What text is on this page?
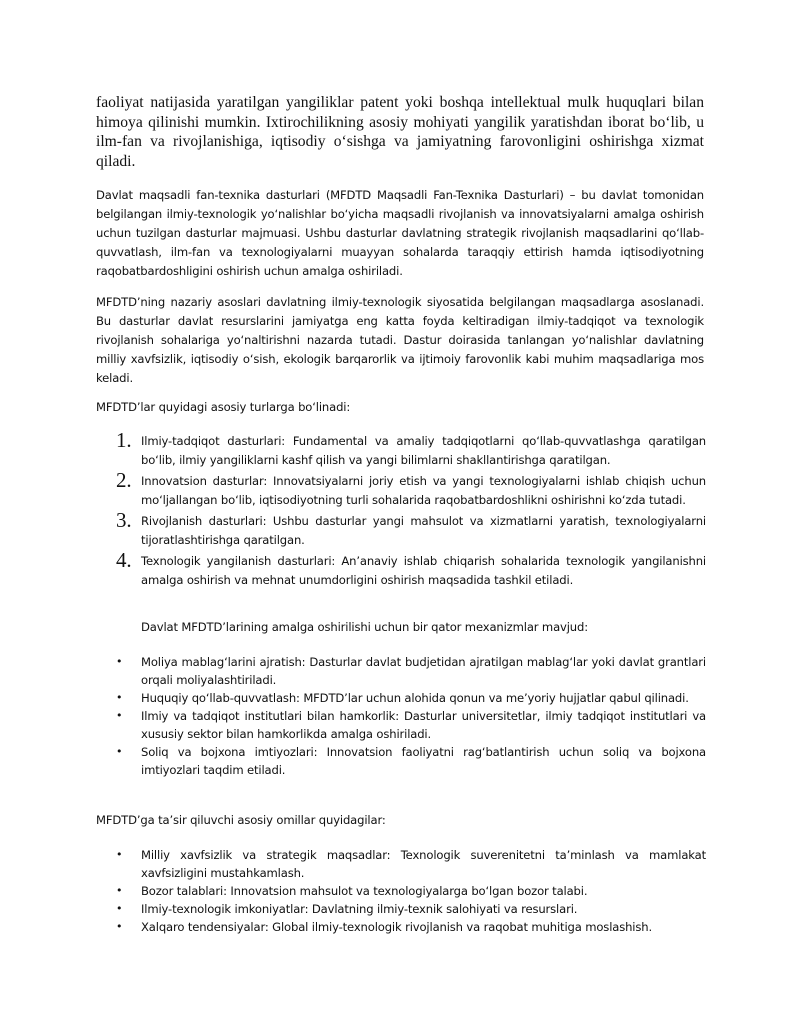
faoliyat natijasida yaratilgan yangiliklar patent yoki boshqa intellektual mulk huquqlari bilan himoya qilinishi mumkin. Ixtirochilikning asosiy mohiyati yangilik yaratishdan iborat bo‘lib, u ilm-fan va rivojlanishiga, iqtisodiy o‘sishga va jamiyatning farovonligini oshirishga xizmat qiladi.

Davlat maqsadli fan-texnika dasturlari (MFDTD Maqsadli Fan-Texnika Dasturlari) – bu davlat tomonidan belgilangan ilmiy-texnologik yo‘nalishlar bo‘yicha maqsadli rivojlanish va innovatsiyalarni amalga oshirish uchun tuzilgan dasturlar majmuasi. Ushbu dasturlar davlatning strategik rivojlanish maqsadlarini qo‘llab-quvvatlash, ilm-fan va texnologiyalarni muayyan sohalarda taraqqiy ettirish hamda iqtisodiyotning raqobatbardoshligini oshirish uchun amalga oshiriladi.

MFDTD’ning nazariy asoslari davlatning ilmiy-texnologik siyosatida belgilangan maqsadlarga asoslanadi. Bu dasturlar davlat resurslarini jamiyatga eng katta foyda keltiradigan ilmiy-tadqiqot va texnologik rivojlanish sohalariga yo‘naltirishni nazarda tutadi. Dastur doirasida tanlangan yo‘nalishlar davlatning milliy xavfsizlik, iqtisodiy o‘sish, ekologik barqarorlik va ijtimoiy farovonlik kabi muhim maqsadlariga mos keladi.

MFDTD’lar quyidagi asosiy turlarga bo‘linadi:

1. Ilmiy-tadqiqot dasturlari: Fundamental va amaliy tadqiqotlarni qo‘llab-quvvatlashga qaratilgan bo‘lib, ilmiy yangiliklarni kashf qilish va yangi bilimlarni shakllantirishga qaratilgan.
2. Innovatsion dasturlar: Innovatsiyalarni joriy etish va yangi texnologiyalarni ishlab chiqish uchun mo‘ljallangan bo‘lib, iqtisodiyotning turli sohalarida raqobatbardoshlikni oshirishni ko‘zda tutadi.
3. Rivojlanish dasturlari: Ushbu dasturlar yangi mahsulot va xizmatlarni yaratish, texnologiyalarni tijoratlashtirishga qaratilgan.
4. Texnologik yangilanish dasturlari: An’anaviy ishlab chiqarish sohalarida texnologik yangilanishni amalga oshirish va mehnat unumdorligini oshirish maqsadida tashkil etiladi.

Davlat MFDTD’larining amalga oshirilishi uchun bir qator mexanizmlar mavjud:

• Moliya mablag‘larini ajratish: Dasturlar davlat budjetidan ajratilgan mablag‘lar yoki davlat grantlari orqali moliyalashtiriladi.
• Huquqiy qo‘llab-quvvatlash: MFDTD’lar uchun alohida qonun va me’yoriy hujjatlar qabul qilinadi.
• Ilmiy va tadqiqot institutlari bilan hamkorlik: Dasturlar universitetlar, ilmiy tadqiqot institutlari va xususiy sektor bilan hamkorlikda amalga oshiriladi.
• Soliq va bojxona imtiyozlari: Innovatsion faoliyatni rag‘batlantirish uchun soliq va bojxona imtiyozlari taqdim etiladi.

MFDTD’ga ta’sir qiluvchi asosiy omillar quyidagilar:

• Milliy xavfsizlik va strategik maqsadlar: Texnologik suverenitetni ta’minlash va mamlakat xavfsizligini mustahkamlash.
• Bozor talablari: Innovatsion mahsulot va texnologiyalarga bo‘lgan bozor talabi.
• Ilmiy-texnologik imkoniyatlar: Davlatning ilmiy-texnik salohiyati va resurslari.
• Xalqaro tendensiyalar: Global ilmiy-texnologik rivojlanish va raqobat muhitiga moslashish.
